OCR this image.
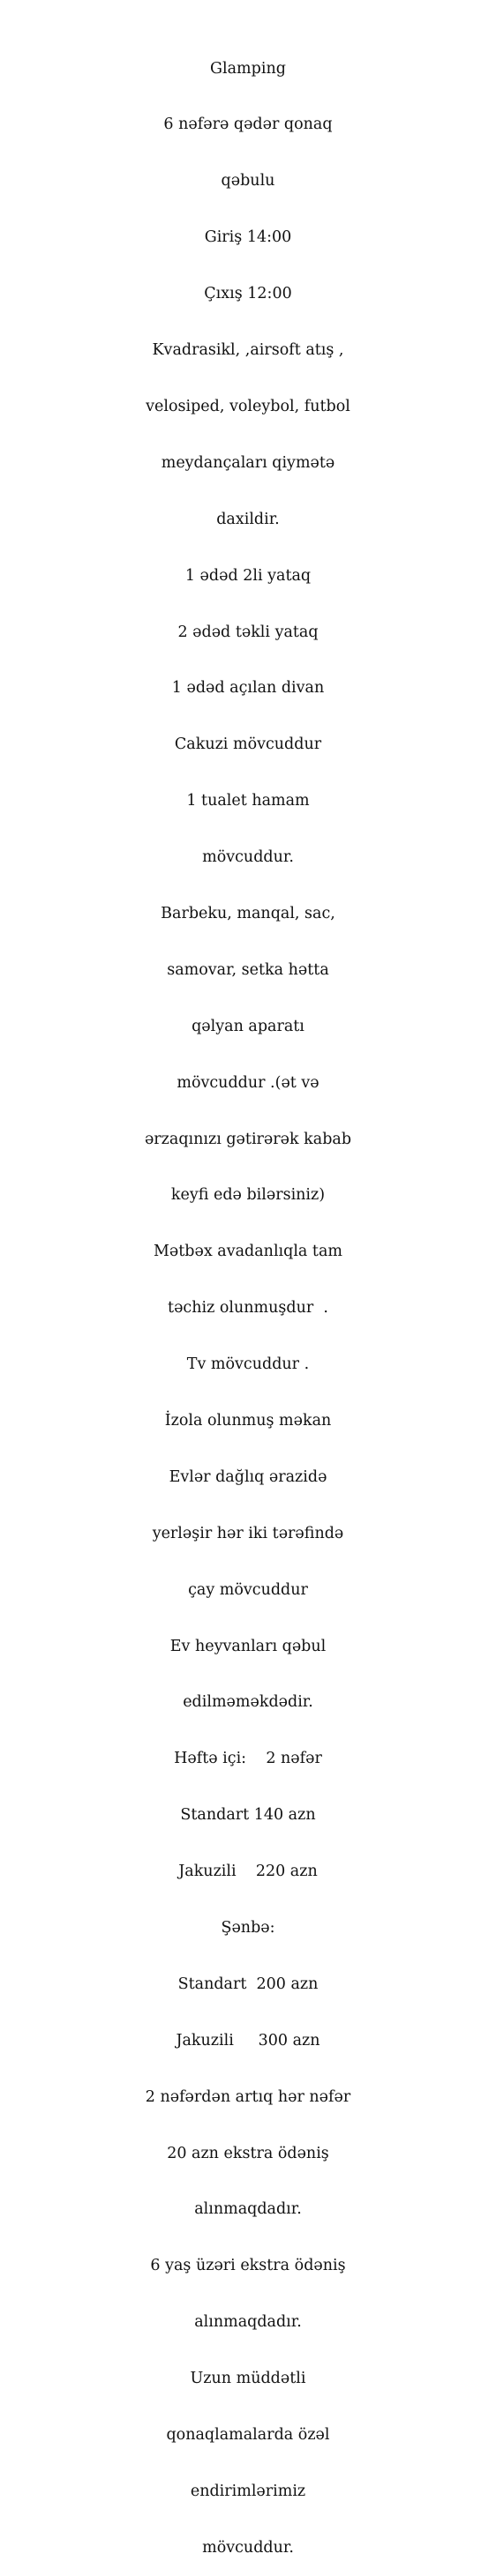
Glamping

6 nəfərə qədər qonaq

qəbulu

Giriş 14:00

Çıxış 12:00

Kvadrasikl, ,airsoft atış ,

velosiped, voleybol, futbol

meydançaları qiymətə

daxildir.

1 ədəd 2li yataq

2 ədəd təkli yataq

1 ədəd açılan divan

Cakuzi mövcuddur

1 tualet hamam

mövcuddur.

Barbeku, manqal, sac,

samovar, setka hətta

qəlyan aparatı

mövcuddur .(ət və

ərzaqınızı gətirərək kabab

keyfi edə bilərsiniz)

Mətbəx avadanlıqla tam

təchiz olunmuşdur  .

Tv mövcuddur .

İzola olunmuş məkan

Evlər dağlıq ərazidə

yerləşir hər iki tərəfində

çay mövcuddur

Ev heyvanları qəbul

edilməməkdədir.

Həftə içi:    2 nəfər

Standart 140 azn

Jakuzili    220 azn

Şənbə:

Standart  200 azn

Jakuzili     300 azn

2 nəfərdən artıq hər nəfər

20 azn ekstra ödəniş

alınmaqdadır.

6 yaş üzəri ekstra ödəniş

alınmaqdadır.

Uzun müddətli

qonaqlamalarda özəl

endirimlərimiz

mövcuddur.
